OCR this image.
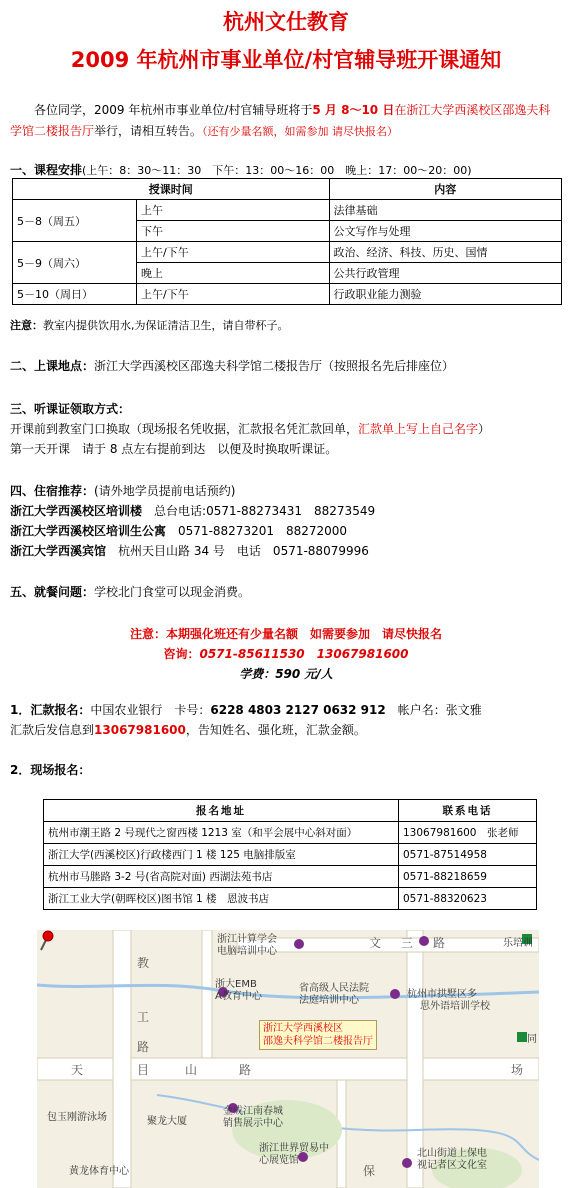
杭州文仕教育
2009 年杭州市事业单位/村官辅导班开课通知
各位同学，2009 年杭州市事业单位/村官辅导班将于5 月 8～10 日在浙江大学西溪校区邵逸夫科学馆二楼报告厅举行，请相互转告。（还有少量名额，如需参加 请尽快报名）
一、课程安排(上午：8：30～11：30　下午：13：00～16：00　晚上：17：00～20：00)
授课时间		内容
5－8（周五）	上午	法律基础
	下午	公文写作与处理
5－9（周六）	上午/下午	政治、经济、科技、历史、国情
	晚上	公共行政管理
5－10（周日）	上午/下午	行政职业能力测验
注意：教室内提供饮用水,为保证清洁卫生，请自带杯子。
二、上课地点：浙江大学西溪校区邵逸夫科学馆二楼报告厅（按照报名先后排座位）
三、听课证领取方式：
开课前到教室门口换取（现场报名凭收据，汇款报名凭汇款回单，汇款单上写上自己名字）
第一天开课　请于 8 点左右提前到达　以便及时换取听课证。
四、住宿推荐：(请外地学员提前电话预约)
浙江大学西溪校区培训楼　 总台电话:0571-88273431　88273549
浙江大学西溪校区培训生公寓　 0571-88273201　88272000
浙江大学西溪宾馆　 杭州天目山路 34 号　电话　0571-88079996
五、就餐问题：学校北门食堂可以现金消费。
注意：本期强化班还有少量名额　如需要参加　请尽快报名
咨询：0571-85611530　13067981600
学费：590 元/人
1．汇款报名：中国农业银行　卡号：6228 4803 2127 0632 912　 帐户名：张文雅
汇款后发信息到13067981600，告知姓名、强化班，汇款金额。
2．现场报名：
报名地址	联系电话
杭州市潮王路 2 号现代之窗西楼 1213 室（和平会展中心斜对面）	13067981600　张老师
浙江大学(西溪校区)行政楼西门 1 楼 125 电脑排版室	0571-87514958
杭州市马塍路 3-2 号(省高院对面) 西湖法苑书店	0571-88218659
浙江工业大学(朝晖校区)图书馆 1 楼　恩波书店	0571-88320623
浙江计算学会
电脑培训中心
文 三 路	乐培训
教
浙大EMB
A教育中心
省高级人民法院
法庭培训中心
杭州市拱墅区多
思外语培训学校
工
路
天	目	山	路	场
包玉刚游泳场	聚龙大厦
金成江南春城
销售展示中心
浙江世界贸易中
心展览馆
北山街道上保电
视记者区文化室
黄龙体育中心	保
同
浙江大学西溪校区
邵逸夫科学馆二楼报告厅
